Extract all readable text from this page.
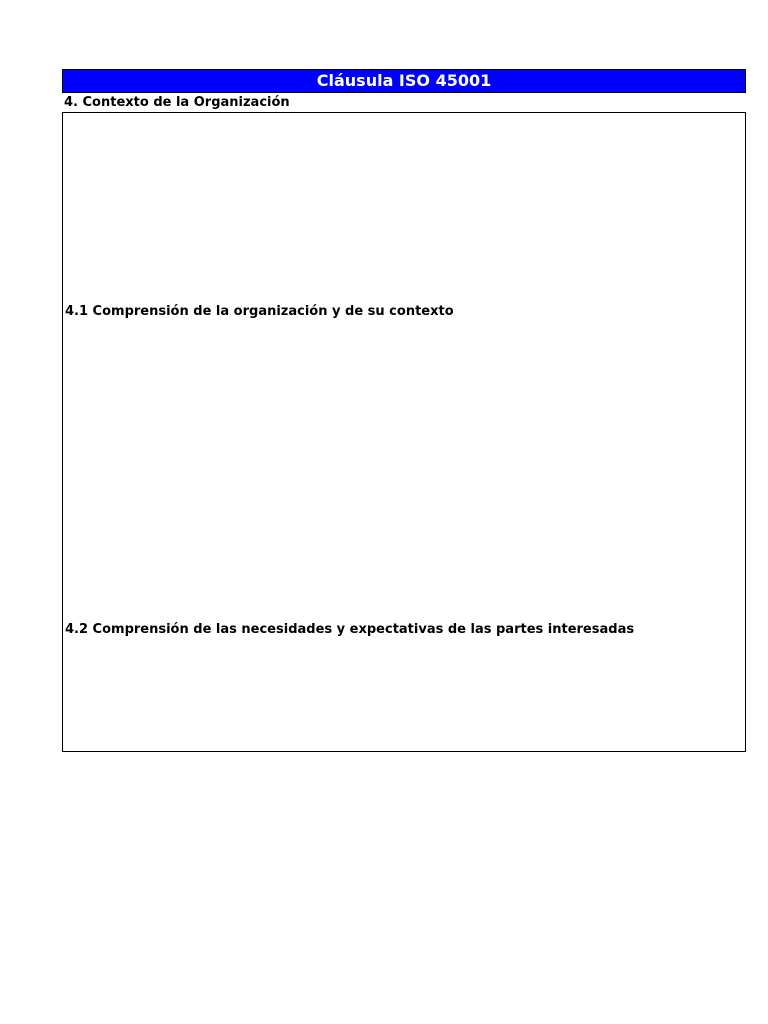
Cláusula ISO 45001
4. Contexto de la Organización
4.1 Comprensión de la organización y de su contexto
4.2 Comprensión de las necesidades y expectativas de las partes interesadas
